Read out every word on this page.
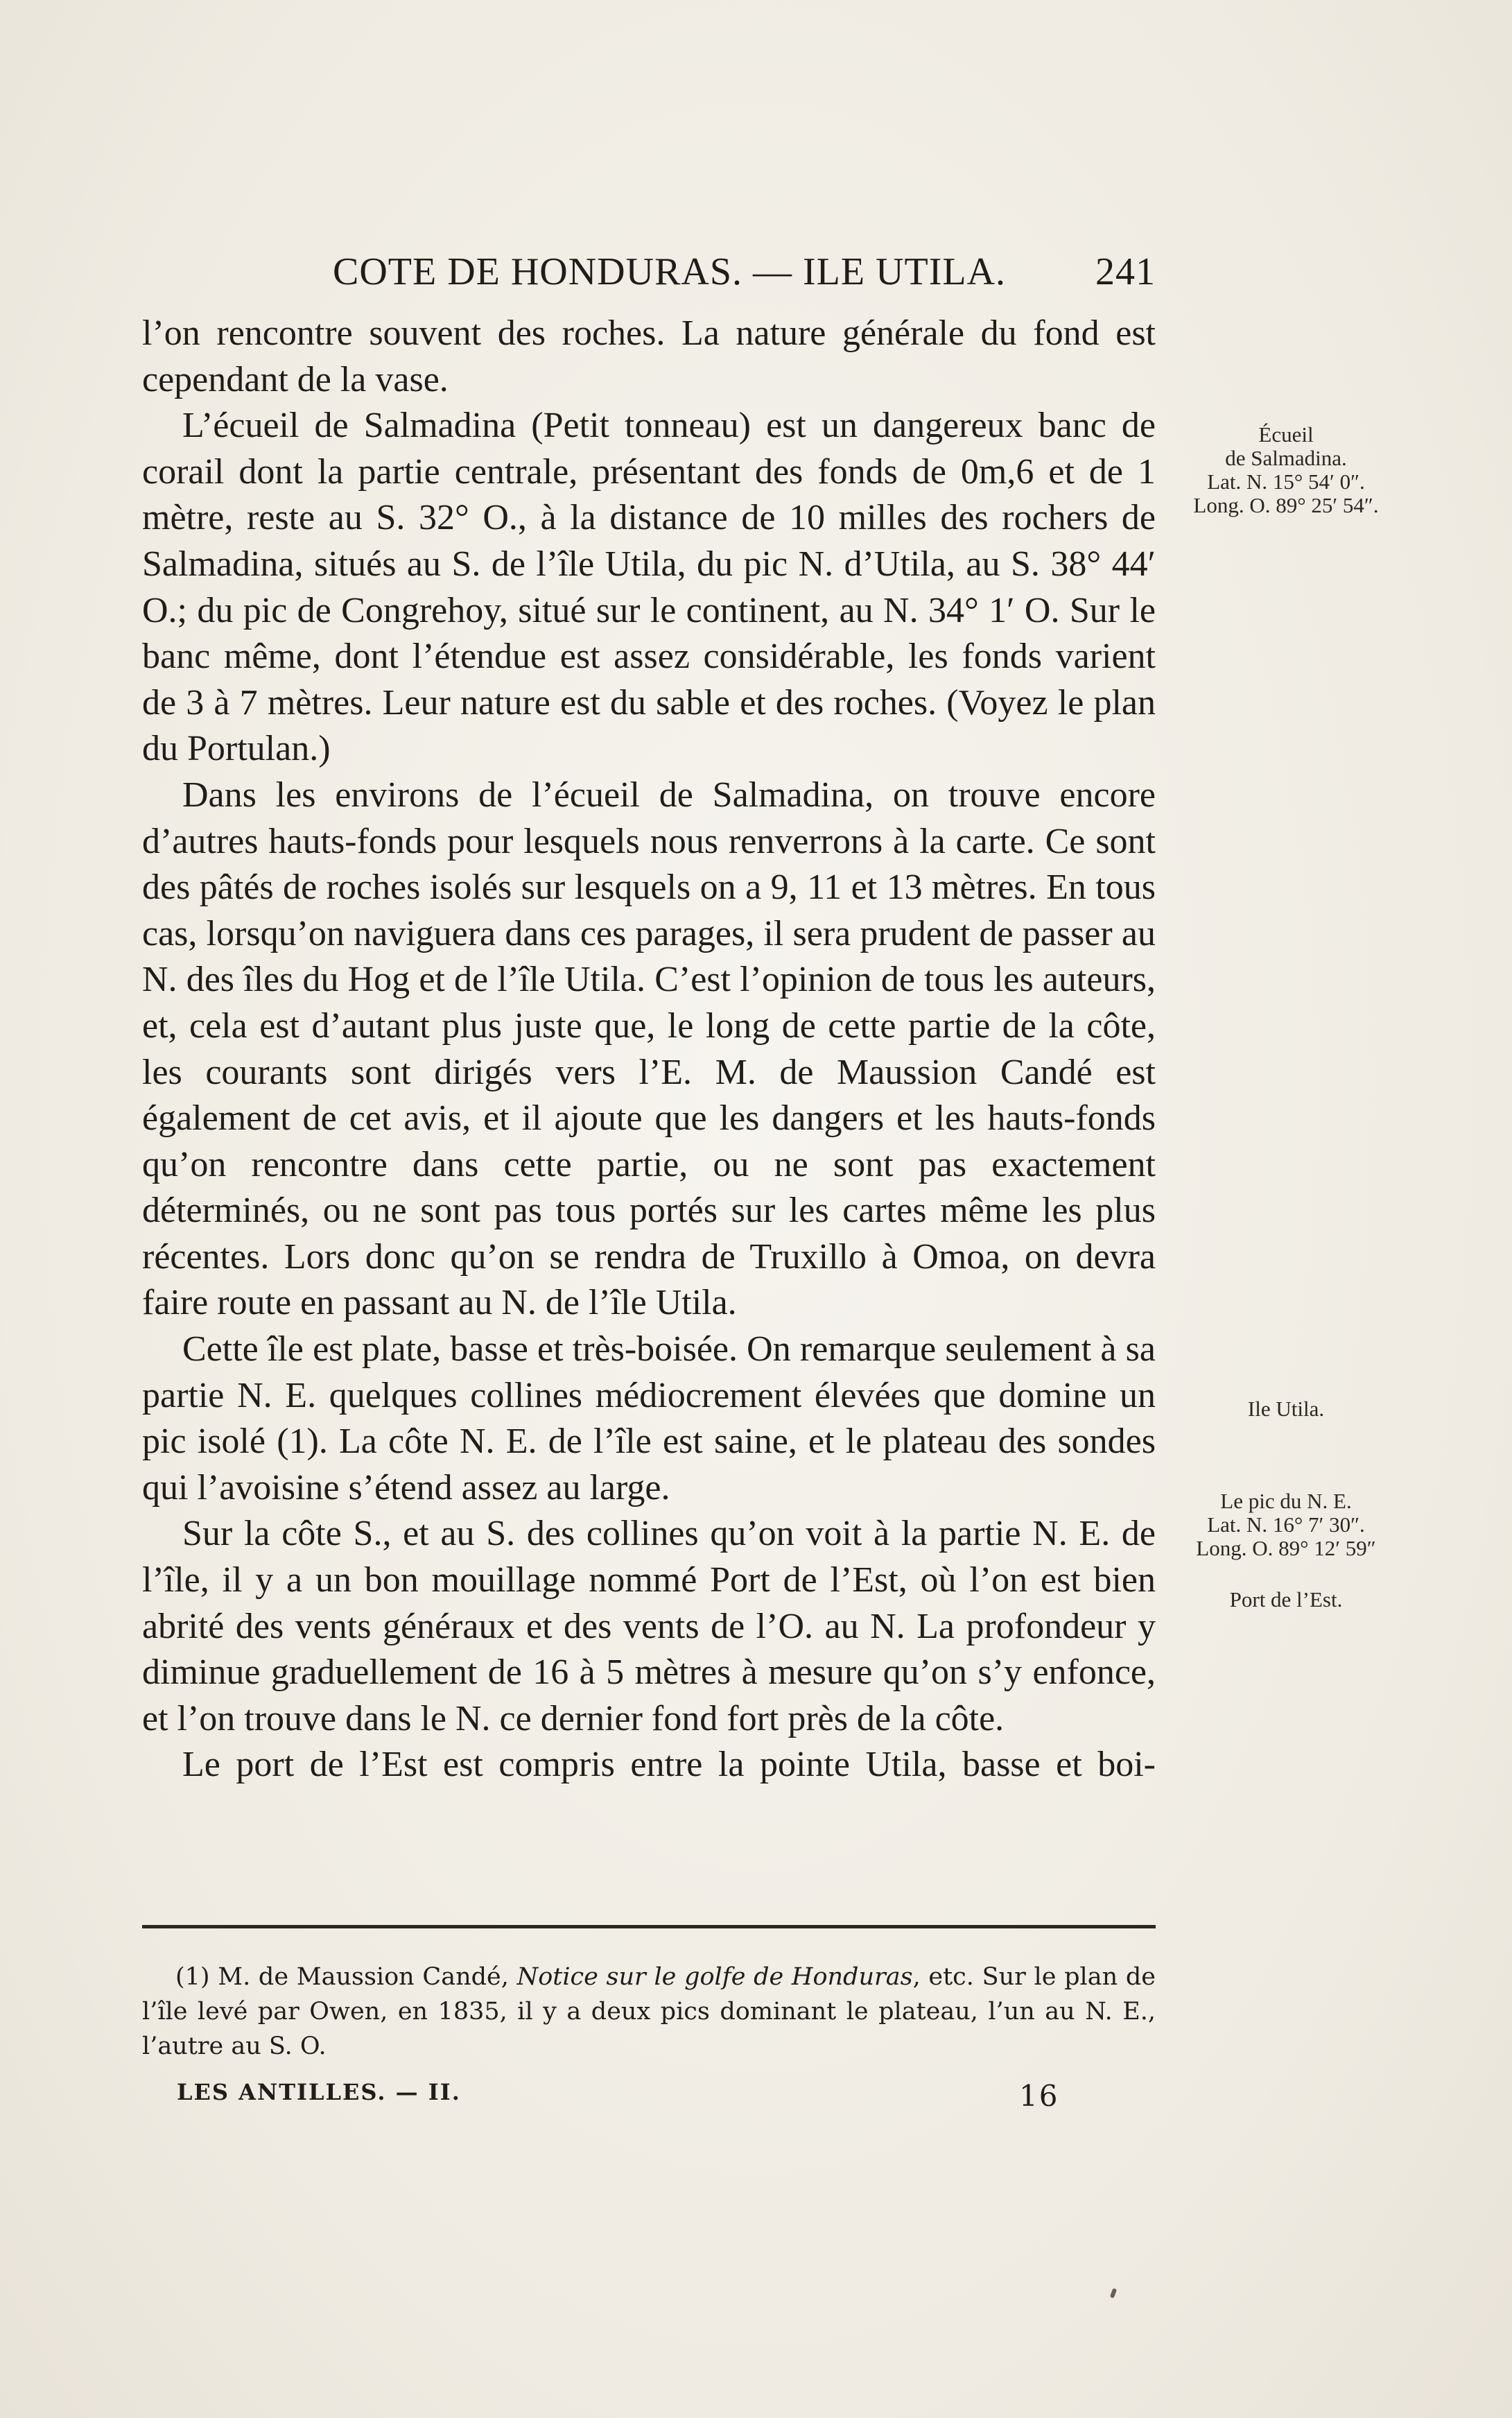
COTE DE HONDURAS. — ILE UTILA. 241

l’on rencontre souvent des roches. La nature générale du fond est cependant de la vase.

L’écueil de Salmadina (Petit tonneau) est un dangereux banc de corail dont la partie centrale, présentant des fonds de 0m,6 et de 1 mètre, reste au S. 32° O., à la distance de 10 milles des rochers de Salmadina, situés au S. de l’île Utila, du pic N. d’Utila, au S. 38° 44′ O.; du pic de Congrehoy, situé sur le continent, au N. 34° 1′ O. Sur le banc même, dont l’étendue est assez considérable, les fonds varient de 3 à 7 mètres. Leur nature est du sable et des roches. (Voyez le plan du Portulan.)

Dans les environs de l’écueil de Salmadina, on trouve encore d’autres hauts-fonds pour lesquels nous renverrons à la carte. Ce sont des pâtés de roches isolés sur lesquels on a 9, 11 et 13 mètres. En tous cas, lorsqu’on naviguera dans ces parages, il sera prudent de passer au N. des îles du Hog et de l’île Utila. C’est l’opinion de tous les auteurs, et, cela est d’autant plus juste que, le long de cette partie de la côte, les courants sont dirigés vers l’E. M. de Maussion Candé est également de cet avis, et il ajoute que les dangers et les hauts-fonds qu’on rencontre dans cette partie, ou ne sont pas exactement déterminés, ou ne sont pas tous portés sur les cartes même les plus récentes. Lors donc qu’on se rendra de Truxillo à Omoa, on devra faire route en passant au N. de l’île Utila.

Cette île est plate, basse et très-boisée. On remarque seulement à sa partie N. E. quelques collines médiocrement élevées que domine un pic isolé (1). La côte N. E. de l’île est saine, et le plateau des sondes qui l’avoisine s’étend assez au large.

Sur la côte S., et au S. des collines qu’on voit à la partie N. E. de l’île, il y a un bon mouillage nommé Port de l’Est, où l’on est bien abrité des vents généraux et des vents de l’O. au N. La profondeur y diminue graduellement de 16 à 5 mètres à mesure qu’on s’y enfonce, et l’on trouve dans le N. ce dernier fond fort près de la côte.

Le port de l’Est est compris entre la pointe Utila, basse et boi-

Écueil
de Salmadina.
Lat. N. 15° 54′ 0″.
Long. O. 89° 25′ 54″.
Ile Utila.
Le pic du N. E.
Lat. N. 16° 7′ 30″.
Long. O. 89° 12′ 59″
Port de l’Est.
(1) M. de Maussion Candé, Notice sur le golfe de Honduras, etc. Sur le plan de l’île levé par Owen, en 1835, il y a deux pics dominant le plateau, l’un au N. E., l’autre au S. O.
LES ANTILLES. — II.	16
